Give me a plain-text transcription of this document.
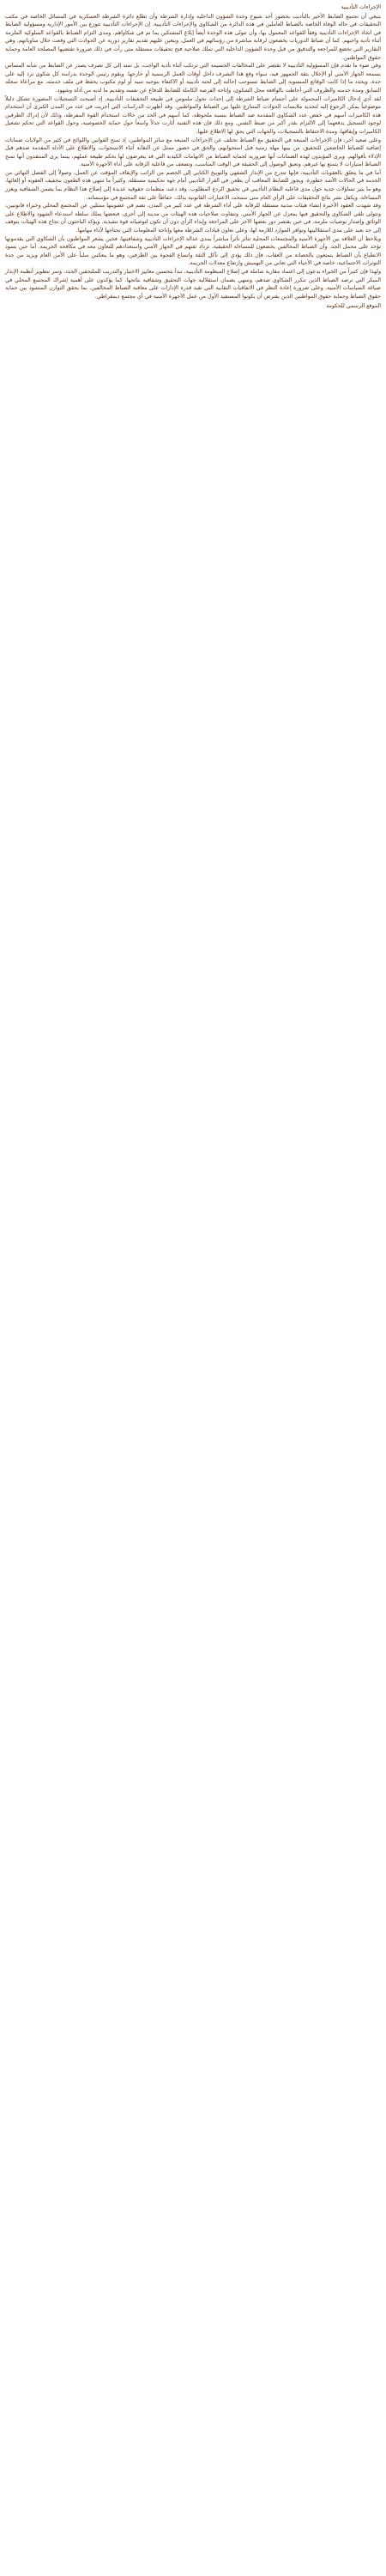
الإجراءات التأديبية

ينبغي أن تجتمع الضابط الأخير بالتأديب بحضور أحد شيوخ وحدة الشؤون الداخلية وإدارة الشرطة وأن تطلع دائرة الشرطة العسكرية في المسائل الخاصة في مكتب التحقيقات في حالة الوفاة الخاصة بالضباط العاملين في هذه الدائرة من الشكاوى والإجراءات التأديبية. إن الإجراءات التأديبية تتوزع بين الأمور الإدارية ومسؤولية الضابط في اتخاذ الإجراءات التأديبية وفقاً للقواعد المعمول بها، وأن تتولى هذه الوحدة أيضاً إبلاغ المشتكين بما تم في شكاواهم، ومدى التزام الضباط بالقواعد السلوكية الملزمة أثناء تأدية واجبهم. كما أن ضباط الدوريات يخضعون لرقابة مباشرة من رؤسائهم في العمل، ويتعين عليهم تقديم تقارير دورية عن الحوادث التي وقعت خلال مناوباتهم، وهي التقارير التي تخضع للمراجعة والتدقيق من قبل وحدة الشؤون الداخلية التي تملك صلاحية فتح تحقيقات مستقلة متى رأت في ذلك ضرورة تقتضيها المصلحة العامة وحماية حقوق المواطنين.

وفي ضوء ما تقدم فإن المسؤولية التأديبية لا تقتصر على المخالفات الجسيمة التي ترتكب أثناء تأدية الواجب، بل تمتد إلى كل تصرف يصدر عن الضابط من شأنه المساس بسمعة الجهاز الأمني أو الإخلال بثقة الجمهور فيه، سواء وقع هذا التصرف داخل أوقات العمل الرسمية أو خارجها. ويقوم رئيس الوحدة بدراسة كل شكوى ترد إليه على حدة، ويحدد ما إذا كانت الوقائع المنسوبة إلى الضابط تستوجب إحالته إلى لجنة تأديبية أو الاكتفاء بتوجيه تنبيه أو لوم مكتوب يحفظ في ملف خدمته، مع مراعاة سجله السابق ومدة خدمته والظروف التي أحاطت بالواقعة محل الشكوى، وإتاحة الفرصة الكاملة للضابط للدفاع عن نفسه وتقديم ما لديه من أدلة وشهود.

لقد أدى إدخال الكاميرات المحمولة على أجسام ضباط الشرطة إلى إحداث تحول ملموس في طبيعة التحقيقات التأديبية، إذ أصبحت التسجيلات المصورة تشكل دليلاً موضوعياً يمكن الرجوع إليه لتحديد ملابسات الحوادث المتنازع عليها بين الضباط والمواطنين. وقد أظهرت الدراسات التي أجريت في عدد من المدن الكبرى أن استخدام هذه الكاميرات أسهم في خفض عدد الشكاوى المقدمة ضد الضباط بنسبة ملحوظة، كما أسهم في الحد من حالات استخدام القوة المفرطة، وذلك لأن إدراك الطرفين لوجود التسجيل يدفعهما إلى الالتزام بقدر أكبر من ضبط النفس. ومع ذلك فإن هذه التقنية أثارت جدلاً واسعاً حول حماية الخصوصية، وحول القواعد التي تحكم تشغيل الكاميرات وإيقافها، ومدة الاحتفاظ بالتسجيلات، والجهات التي يحق لها الاطلاع عليها.

وعلى صعيد آخر، فإن الإجراءات المتبعة في التحقيق مع الضباط تختلف عن الإجراءات المتبعة مع سائر المواطنين، إذ تمنح القوانين واللوائح في كثير من الولايات ضمانات إضافية للضباط الخاضعين للتحقيق، من بينها مهلة زمنية قبل استجوابهم، والحق في حضور ممثل عن النقابة أثناء الاستجواب، والاطلاع على الأدلة المقدمة ضدهم قبل الإدلاء بأقوالهم. ويرى المؤيدون لهذه الضمانات أنها ضرورية لحماية الضباط من الاتهامات الكيدية التي قد يتعرضون لها بحكم طبيعة عملهم، بينما يرى المنتقدون أنها تمنح الضباط امتيازات لا يتمتع بها غيرهم، وتعيق الوصول إلى الحقيقة في الوقت المناسب، وتضعف من فاعلية الرقابة على أداء الأجهزة الأمنية.

أما في ما يتعلق بالعقوبات التأديبية، فإنها تتدرج من الإنذار الشفهي والتوبيخ الكتابي إلى الخصم من الراتب والإيقاف المؤقت عن العمل، وصولاً إلى الفصل النهائي من الخدمة في الحالات الأشد خطورة. ويجوز للضابط المعاقب أن يطعن في القرار التأديبي أمام جهة تحكيمية مستقلة، وكثيراً ما تنتهي هذه الطعون بتخفيف العقوبة أو إلغائها، وهو ما يثير تساؤلات جدية حول مدى فاعلية النظام التأديبي في تحقيق الردع المطلوب. وقد دعت منظمات حقوقية عديدة إلى إصلاح هذا النظام بما يضمن الشفافية ويعزز المساءلة، ويكفل نشر نتائج التحقيقات على الرأي العام متى سمحت الاعتبارات القانونية بذلك، حفاظاً على ثقة المجتمع في مؤسساته.

وقد شهدت العقود الأخيرة إنشاء هيئات مدنية مستقلة للرقابة على أداء الشرطة في عدد كبير من المدن، تضم في عضويتها ممثلين عن المجتمع المحلي وخبراء قانونيين، وتتولى تلقي الشكاوى والتحقيق فيها بمعزل عن الجهاز الأمني. وتتفاوت صلاحيات هذه الهيئات من مدينة إلى أخرى، فبعضها يملك سلطة استدعاء الشهود والاطلاع على الوثائق وإصدار توصيات ملزمة، في حين يقتصر دور بعضها الآخر على المراجعة وإبداء الرأي دون أن تكون لتوصياته قوة تنفيذية. ويؤكد الباحثون أن نجاح هذه الهيئات يتوقف إلى حد بعيد على مدى استقلاليتها وتوافر الموارد اللازمة لها، وعلى تعاون قيادات الشرطة معها وإتاحة المعلومات التي تحتاجها لأداء مهامها.

ويلاحظ أن العلاقة بين الأجهزة الأمنية والمجتمعات المحلية تتأثر تأثراً مباشراً بمدى عدالة الإجراءات التأديبية وشفافيتها، فحين يشعر المواطنون بأن الشكاوى التي يقدمونها تؤخذ على محمل الجد، وأن الضباط المخالفين يخضعون للمساءلة الحقيقية، تزداد ثقتهم في الجهاز الأمني واستعدادهم للتعاون معه في مكافحة الجريمة. أما حين يسود الانطباع بأن الضباط يتمتعون بالحصانة من العقاب، فإن ذلك يؤدي إلى تآكل الثقة واتساع الفجوة بين الطرفين، وهو ما ينعكس سلباً على الأمن العام ويزيد من حدة التوترات الاجتماعية، خاصة في الأحياء التي تعاني من التهميش وارتفاع معدلات الجريمة.

ولهذا فإن كثيراً من الخبراء يدعون إلى اعتماد مقاربة شاملة في إصلاح المنظومة التأديبية، تبدأ بتحسين معايير الاختيار والتدريب للملتحقين الجدد، وتمر بتطوير أنظمة الإنذار المبكر التي ترصد الضباط الذين تتكرر الشكاوى ضدهم، وتنتهي بضمان استقلالية جهات التحقيق وشفافية نتائجها. كما يؤكدون على أهمية إشراك المجتمع المحلي في صياغة السياسات الأمنية، وعلى ضرورة إعادة النظر في الاتفاقيات النقابية التي تقيد قدرة الإدارات على معاقبة الضباط المخالفين، بما يحقق التوازن المنشود بين حماية حقوق الضباط وحماية حقوق المواطنين الذين يفترض أن يكونوا المستفيد الأول من عمل الأجهزة الأمنية في أي مجتمع ديمقراطي.

الموقع الرسمي للحكومة
